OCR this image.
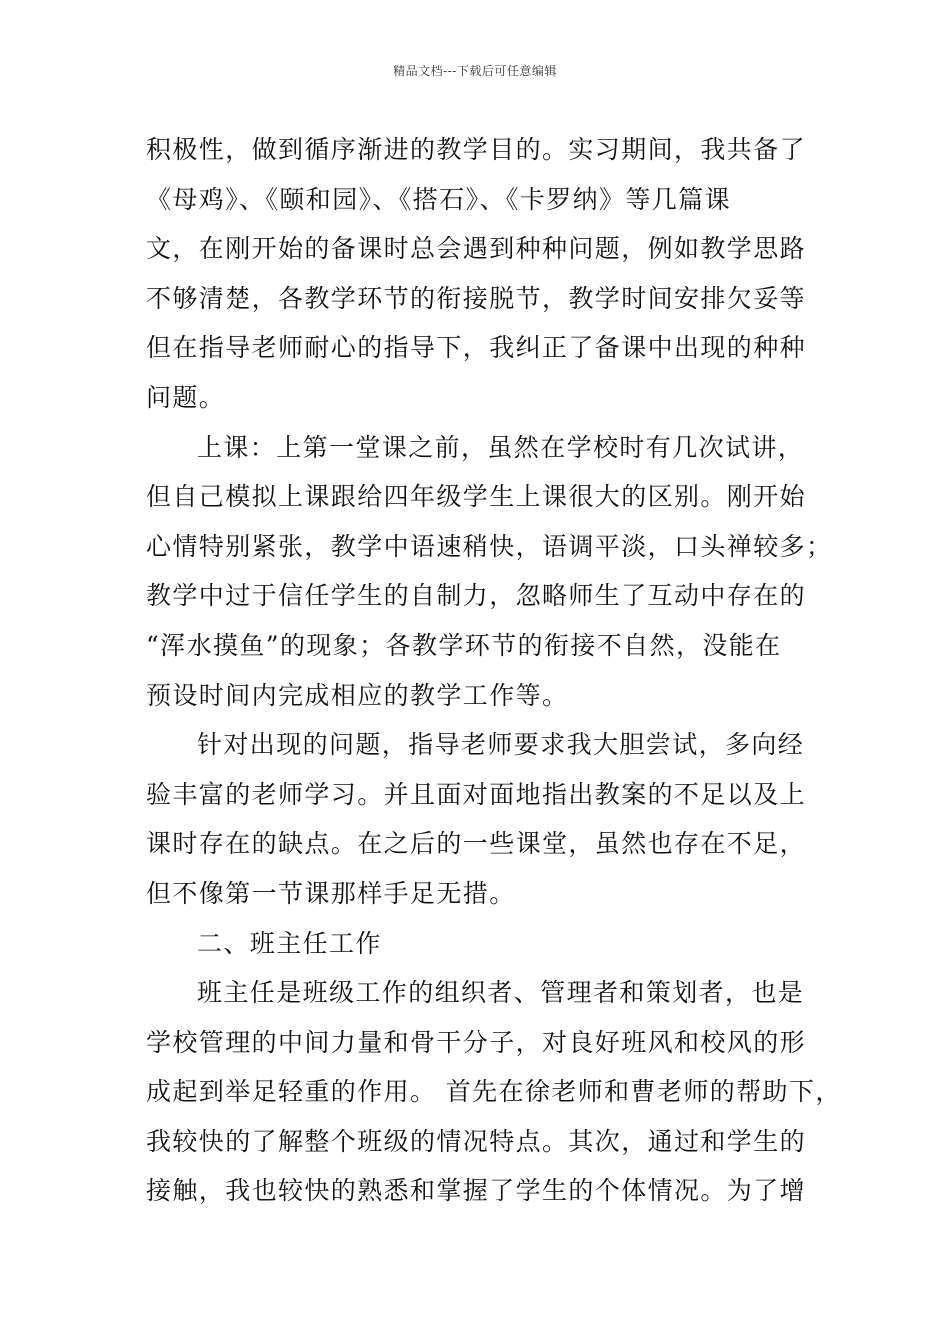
精品文档---下载后可任意编辑
积极性，做到循序渐进的教学目的。实习期间，我共备了
《母鸡》、《颐和园》、《搭石》、《卡罗纳》等几篇课
文，在刚开始的备课时总会遇到种种问题，例如教学思路
不够清楚，各教学环节的衔接脱节，教学时间安排欠妥等
但在指导老师耐心的指导下，我纠正了备课中出现的种种
问题。
上课：上第一堂课之前，虽然在学校时有几次试讲，
但自己模拟上课跟给四年级学生上课很大的区别。刚开始
心情特别紧张，教学中语速稍快，语调平淡，口头禅较多；
教学中过于信任学生的自制力，忽略师生了互动中存在的
“浑水摸鱼”的现象；各教学环节的衔接不自然，没能在
预设时间内完成相应的教学工作等。
针对出现的问题，指导老师要求我大胆尝试，多向经
验丰富的老师学习。并且面对面地指出教案的不足以及上
课时存在的缺点。在之后的一些课堂，虽然也存在不足，
但不像第一节课那样手足无措。
二、班主任工作
班主任是班级工作的组织者、管理者和策划者，也是
学校管理的中间力量和骨干分子，对良好班风和校风的形
成起到举足轻重的作用。 首先在徐老师和曹老师的帮助下，
我较快的了解整个班级的情况特点。其次，通过和学生的
接触，我也较快的熟悉和掌握了学生的个体情况。为了增
